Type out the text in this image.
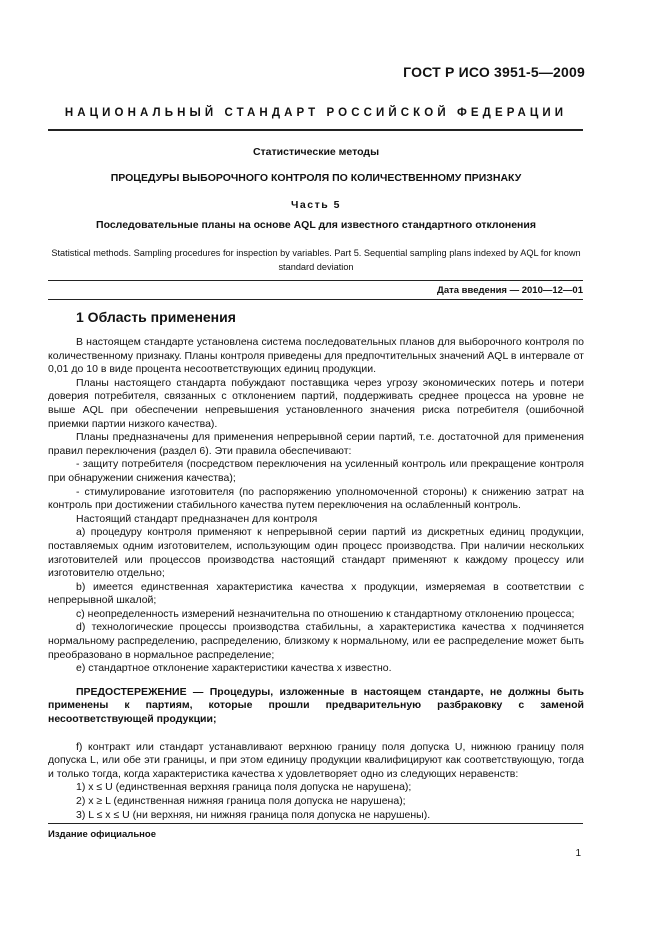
ГОСТ Р ИСО 3951-5—2009
НАЦИОНАЛЬНЫЙ СТАНДАРТ РОССИЙСКОЙ ФЕДЕРАЦИИ
Статистические методы
ПРОЦЕДУРЫ ВЫБОРОЧНОГО КОНТРОЛЯ ПО КОЛИЧЕСТВЕННОМУ ПРИЗНАКУ
Часть 5
Последовательные планы на основе AQL для известного стандартного отклонения
Statistical methods. Sampling procedures for inspection by variables. Part 5. Sequential sampling plans indexed by AQL for known standard deviation
Дата введения — 2010—12—01
1 Область применения

В настоящем стандарте установлена система последовательных планов для выборочного контроля по количественному признаку. Планы контроля приведены для предпочтительных значений AQL в интервале от 0,01 до 10 в виде процента несоответствующих единиц продукции.

Планы настоящего стандарта побуждают поставщика через угрозу экономических потерь и потери доверия потребителя, связанных с отклонением партий, поддерживать среднее процесса на уровне не выше AQL при обеспечении непревышения установленного значения риска потребителя (ошибочной приемки партии низкого качества).

Планы предназначены для применения непрерывной серии партий, т.е. достаточной для применения правил переключения (раздел 6). Эти правила обеспечивают:

- защиту потребителя (посредством переключения на усиленный контроль или прекращение контроля при обнаружении снижения качества);

- стимулирование изготовителя (по распоряжению уполномоченной стороны) к снижению затрат на контроль при достижении стабильного качества путем переключения на ослабленный контроль.

Настоящий стандарт предназначен для контроля

a) процедуру контроля применяют к непрерывной серии партий из дискретных единиц продукции, поставляемых одним изготовителем, использующим один процесс производства. При наличии нескольких изготовителей или процессов производства настоящий стандарт применяют к каждому процессу или изготовителю отдельно;

b) имеется единственная характеристика качества x продукции, измеряемая в соответствии с непрерывной шкалой;

c) неопределенность измерений незначительна по отношению к стандартному отклонению процесса;

d) технологические процессы производства стабильны, а характеристика качества x подчиняется нормальному распределению, распределению, близкому к нормальному, или ее распределение может быть преобразовано в нормальное распределение;

e) стандартное отклонение характеристики качества x известно.

ПРЕДОСТЕРЕЖЕНИЕ — Процедуры, изложенные в настоящем стандарте, не должны быть применены к партиям, которые прошли предварительную разбраковку с заменой несоответствующей продукции;

f) контракт или стандарт устанавливают верхнюю границу поля допуска U, нижнюю границу поля допуска L, или обе эти границы, и при этом единицу продукции квалифицируют как соответствующую, тогда и только тогда, когда характеристика качества x удовлетворяет одно из следующих неравенств:

1) x ≤ U (единственная верхняя граница поля допуска не нарушена);

2) x ≥ L (единственная нижняя граница поля допуска не нарушена);

3) L ≤ x ≤ U (ни верхняя, ни нижняя граница поля допуска не нарушены).

Издание официальное
1
